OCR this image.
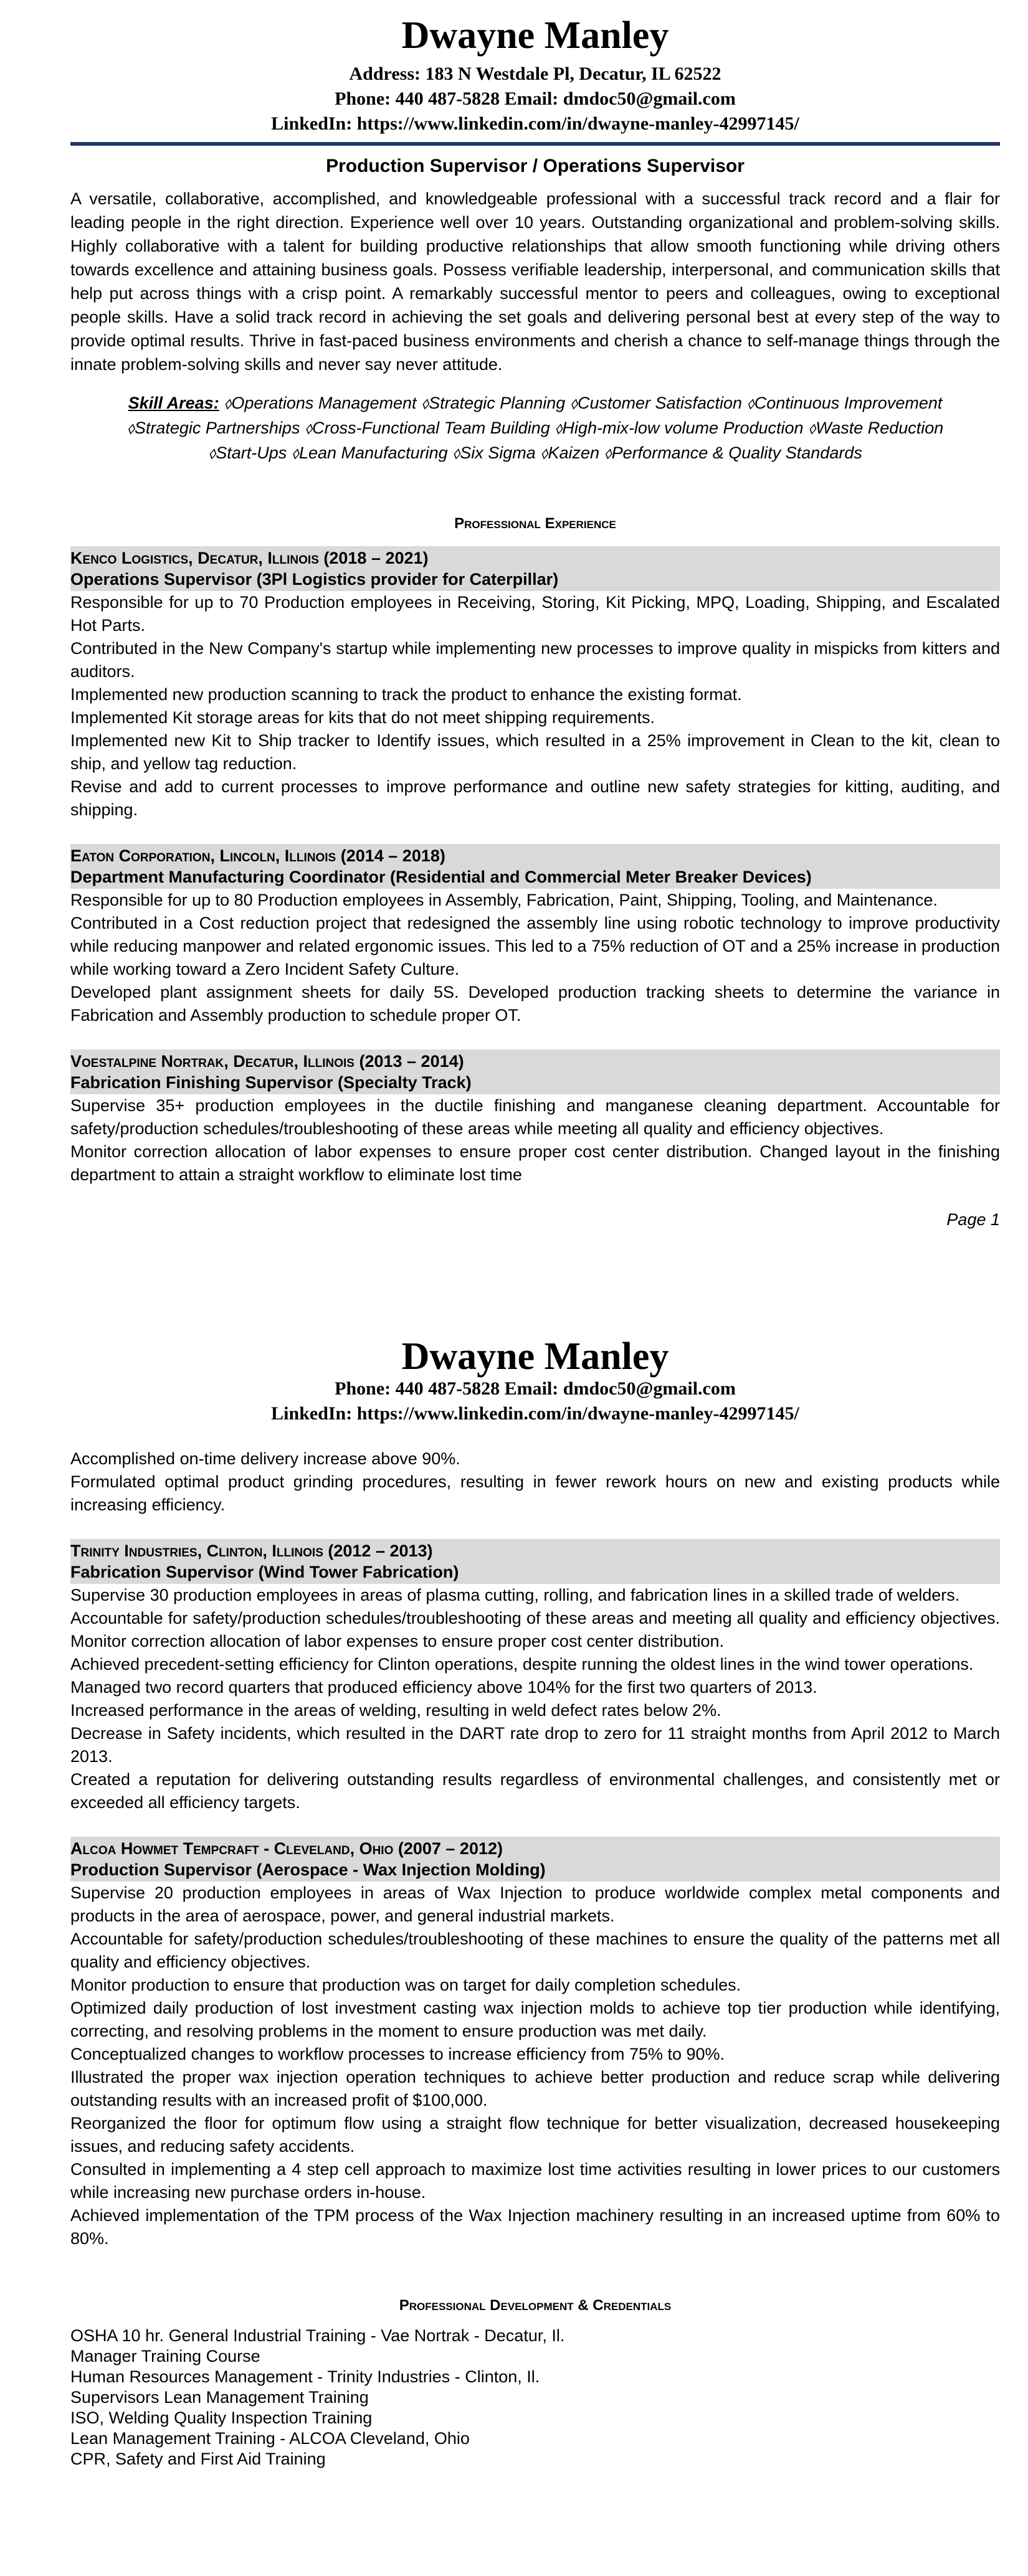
Dwayne Manley

Address: 183 N Westdale Pl, Decatur, IL 62522

Phone: 440 487-5828 Email: dmdoc50@gmail.com

LinkedIn: https://www.linkedin.com/in/dwayne-manley-42997145/

Production Supervisor / Operations Supervisor

A versatile, collaborative, accomplished, and knowledgeable professional with a successful track record and a flair for leading people in the right direction. Experience well over 10 years. Outstanding organizational and problem-solving skills. Highly collaborative with a talent for building productive relationships that allow smooth functioning while driving others towards excellence and attaining business goals. Possess verifiable leadership, interpersonal, and communication skills that help put across things with a crisp point. A remarkably successful mentor to peers and colleagues, owing to exceptional people skills. Have a solid track record in achieving the set goals and delivering personal best at every step of the way to provide optimal results. Thrive in fast-paced business environments and cherish a chance to self-manage things through the innate problem-solving skills and never say never attitude.

Skill Areas: ⬨Operations Management ⬨Strategic Planning ⬨Customer Satisfaction ⬨Continuous Improvement
⬨Strategic Partnerships ⬨Cross-Functional Team Building ⬨High-mix-low volume Production ⬨Waste Reduction
⬨Start-Ups ⬨Lean Manufacturing ⬨Six Sigma ⬨Kaizen ⬨Performance & Quality Standards
Professional Experience
Kenco Logistics, Decatur, Illinois (2018 – 2021)
Operations Supervisor (3Pl Logistics provider for Caterpillar)

Responsible for up to 70 Production employees in Receiving, Storing, Kit Picking, MPQ, Loading, Shipping, and Escalated Hot Parts.

Contributed in the New Company's startup while implementing new processes to improve quality in mispicks from kitters and auditors.

Implemented new production scanning to track the product to enhance the existing format.

Implemented Kit storage areas for kits that do not meet shipping requirements.

Implemented new Kit to Ship tracker to Identify issues, which resulted in a 25% improvement in Clean to the kit, clean to ship, and yellow tag reduction.

Revise and add to current processes to improve performance and outline new safety strategies for kitting, auditing, and shipping.

Eaton Corporation, Lincoln, Illinois (2014 – 2018)
Department Manufacturing Coordinator (Residential and Commercial Meter Breaker Devices)

Responsible for up to 80 Production employees in Assembly, Fabrication, Paint, Shipping, Tooling, and Maintenance.

Contributed in a Cost reduction project that redesigned the assembly line using robotic technology to improve productivity while reducing manpower and related ergonomic issues. This led to a 75% reduction of OT and a 25% increase in production while working toward a Zero Incident Safety Culture.

Developed plant assignment sheets for daily 5S. Developed production tracking sheets to determine the variance in Fabrication and Assembly production to schedule proper OT.

Voestalpine Nortrak, Decatur, Illinois (2013 – 2014)
Fabrication Finishing Supervisor (Specialty Track)

Supervise 35+ production employees in the ductile finishing and manganese cleaning department. Accountable for safety/production schedules/troubleshooting of these areas while meeting all quality and efficiency objectives.

Monitor correction allocation of labor expenses to ensure proper cost center distribution. Changed layout in the finishing department to attain a straight workflow to eliminate lost time

Page 1
Dwayne Manley

Phone: 440 487-5828 Email: dmdoc50@gmail.com

LinkedIn: https://www.linkedin.com/in/dwayne-manley-42997145/

Accomplished on-time delivery increase above 90%.

Formulated optimal product grinding procedures, resulting in fewer rework hours on new and existing products while increasing efficiency.

Trinity Industries, Clinton, Illinois (2012 – 2013)
Fabrication Supervisor (Wind Tower Fabrication)

Supervise 30 production employees in areas of plasma cutting, rolling, and fabrication lines in a skilled trade of welders.

Accountable for safety/production schedules/troubleshooting of these areas and meeting all quality and efficiency objectives. Monitor correction allocation of labor expenses to ensure proper cost center distribution.

Achieved precedent-setting efficiency for Clinton operations, despite running the oldest lines in the wind tower operations.

Managed two record quarters that produced efficiency above 104% for the first two quarters of 2013.

Increased performance in the areas of welding, resulting in weld defect rates below 2%.

Decrease in Safety incidents, which resulted in the DART rate drop to zero for 11 straight months from April 2012 to March 2013.

Created a reputation for delivering outstanding results regardless of environmental challenges, and consistently met or exceeded all efficiency targets.

Alcoa Howmet Tempcraft - Cleveland, Ohio (2007 – 2012)
Production Supervisor (Aerospace - Wax Injection Molding)

Supervise 20 production employees in areas of Wax Injection to produce worldwide complex metal components and products in the area of aerospace, power, and general industrial markets.

Accountable for safety/production schedules/troubleshooting of these machines to ensure the quality of the patterns met all quality and efficiency objectives.

Monitor production to ensure that production was on target for daily completion schedules.

Optimized daily production of lost investment casting wax injection molds to achieve top tier production while identifying, correcting, and resolving problems in the moment to ensure production was met daily.

Conceptualized changes to workflow processes to increase efficiency from 75% to 90%.

Illustrated the proper wax injection operation techniques to achieve better production and reduce scrap while delivering outstanding results with an increased profit of $100,000.

Reorganized the floor for optimum flow using a straight flow technique for better visualization, decreased housekeeping issues, and reducing safety accidents.

Consulted in implementing a 4 step cell approach to maximize lost time activities resulting in lower prices to our customers while increasing new purchase orders in-house.

Achieved implementation of the TPM process of the Wax Injection machinery resulting in an increased uptime from 60% to 80%.

Professional Development & Credentials

OSHA 10 hr. General Industrial Training - Vae Nortrak - Decatur, Il.

Manager Training Course

Human Resources Management - Trinity Industries - Clinton, Il.

Supervisors Lean Management Training

ISO, Welding Quality Inspection Training

Lean Management Training - ALCOA Cleveland, Ohio

CPR, Safety and First Aid Training
